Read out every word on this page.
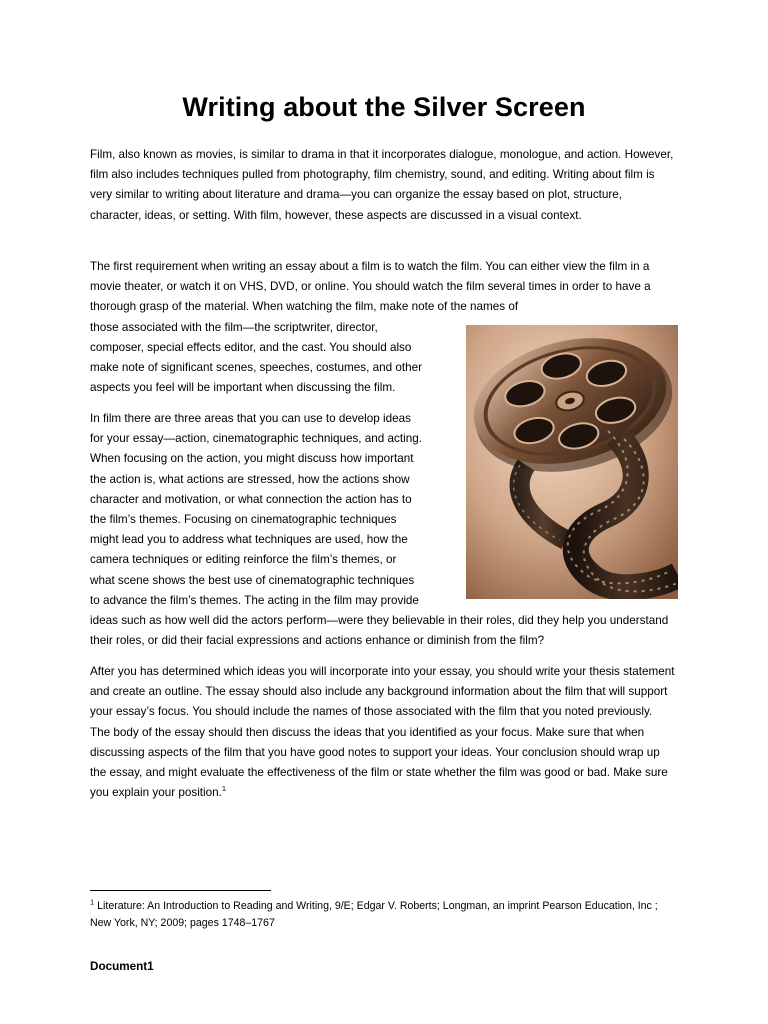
Writing about the Silver Screen

Film, also known as movies, is similar to drama in that it incorporates dialogue, monologue, and action. However, film also includes techniques pulled from photography, film chemistry, sound, and editing. Writing about film is very similar to writing about literature and drama—you can organize the essay based on plot, structure, character, ideas, or setting. With film, however, these aspects are discussed in a visual context.

The first requirement when writing an essay about a film is to watch the film. You can either view the film in a movie theater, or watch it on VHS, DVD, or online. You should watch the film several times in order to have a thorough grasp of the material. When watching the film, make note of the names of
those associated with the film—the scriptwriter, director,
composer, special effects editor, and the cast. You should also
make note of significant scenes, speeches, costumes, and other
aspects you feel will be important when discussing the film.
In film there are three areas that you can use to develop ideas
for your essay—action, cinematographic techniques, and acting.
When focusing on the action, you might discuss how important
the action is, what actions are stressed, how the actions show
character and motivation, or what connection the action has to
the film’s themes. Focusing on cinematographic techniques
might lead you to address what techniques are used, how the
camera techniques or editing reinforce the film’s themes, or
what scene shows the best use of cinematographic techniques
to advance the film’s themes. The acting in the film may provide
ideas such as how well did the actors perform—were they believable in their roles, did they help you understand their roles, or did their facial expressions and actions enhance or diminish from the film?

After you has determined which ideas you will incorporate into your essay, you should write your thesis statement and create an outline. The essay should also include any background information about the film that will support your essay’s focus. You should include the names of those associated with the film that you noted previously. The body of the essay should then discuss the ideas that you identified as your focus. Make sure that when discussing aspects of the film that you have good notes to support your ideas. Your conclusion should wrap up the essay, and might evaluate the effectiveness of the film or state whether the film was good or bad. Make sure you explain your position.$^1$

$^1$ Literature: An Introduction to Reading and Writing, 9/E; Edgar V. Roberts; Longman, an imprint Pearson Education, Inc ; New York, NY; 2009; pages 1748–1767
Document1
